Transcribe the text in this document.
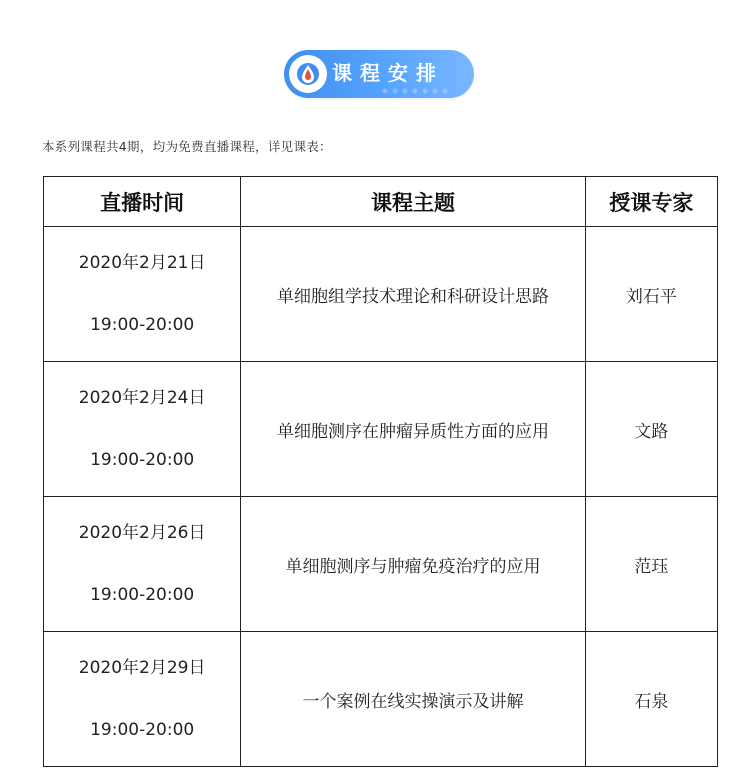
课程安排
本系列课程共4期，均为免费直播课程，详见课表：
直播时间	课程主题	授课专家

2020年2月21日
19:00-20:00	单细胞组学技术理论和科研设计思路	刘石平

2020年2月24日
19:00-20:00	单细胞测序在肿瘤异质性方面的应用	文路

2020年2月26日
19:00-20:00	单细胞测序与肿瘤免疫治疗的应用	范珏

2020年2月29日
19:00-20:00	一个案例在线实操演示及讲解	石泉
